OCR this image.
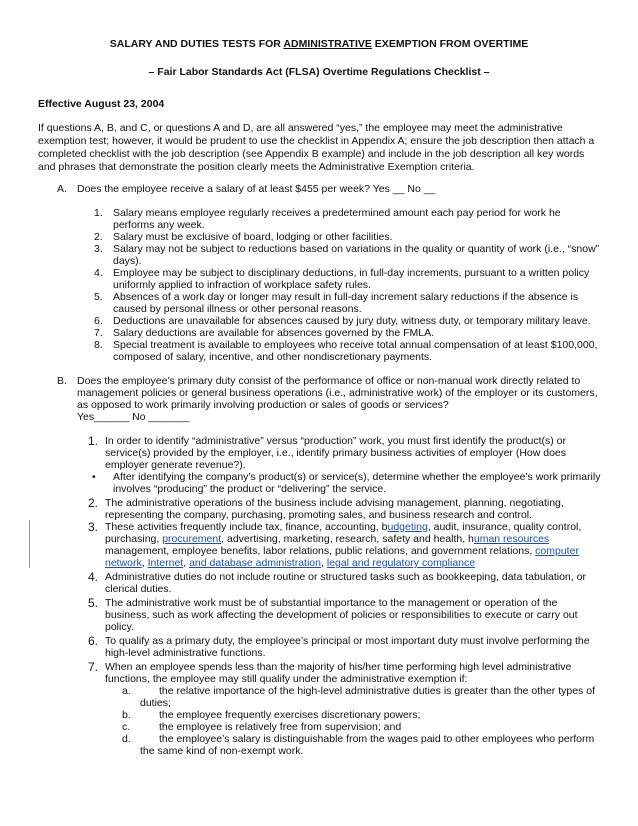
SALARY AND DUTIES TESTS FOR ADMINISTRATIVE EXEMPTION FROM OVERTIME
– Fair Labor Standards Act (FLSA) Overtime Regulations Checklist –
Effective August 23, 2004
If questions A, B, and C, or questions A and D, are all answered “yes,” the employee may meet the administrative
exemption test; however, it would be prudent to use the checklist in Appendix A; ensure the job description then attach a
completed checklist with the job description (see Appendix B example) and include in the job description all key words
and phrases that demonstrate the position clearly meets the Administrative Exemption criteria.
A. Does the employee receive a salary of at least $455 per week? Yes __ No __
1. Salary means employee regularly receives a predetermined amount each pay period for work he
performs any week.
2. Salary must be exclusive of board, lodging or other facilities.
3. Salary may not be subject to reductions based on variations in the quality or quantity of work (i.e., “snow”
days).
4. Employee may be subject to disciplinary deductions, in full-day increments, pursuant to a written policy
uniformly applied to infraction of workplace safety rules.
5. Absences of a work day or longer may result in full-day increment salary reductions if the absence is
caused by personal illness or other personal reasons.
6. Deductions are unavailable for absences caused by jury duty, witness duty, or temporary military leave.
7. Salary deductions are available for absences governed by the FMLA.
8. Special treatment is available to employees who receive total annual compensation of at least $100,000,
composed of salary, incentive, and other nondiscretionary payments.
B. Does the employee’s primary duty consist of the performance of office or non-manual work directly related to
management policies or general business operations (i.e., administrative work) of the employer or its customers,
as opposed to work primarily involving production or sales of goods or services?
Yes______ No _______
1. In order to identify “administrative” versus “production” work, you must first identify the product(s) or
service(s) provided by the employer, i.e., identify primary business activities of employer (How does
employer generate revenue?).
• After identifying the company’s product(s) or service(s), determine whether the employee’s work primarily
involves “producing” the product or “delivering” the service.
2. The administrative operations of the business include advising management, planning, negotiating,
representing the company, purchasing, promoting sales, and business research and control.
3. These activities frequently include tax, finance, accounting, budgeting, audit, insurance, quality control,
purchasing, procurement, advertising, marketing, research, safety and health, human resources
management, employee benefits, labor relations, public relations, and government relations, computer
network, Internet, and database administration, legal and regulatory compliance
4. Administrative duties do not include routine or structured tasks such as bookkeeping, data tabulation, or
clerical duties.
5. The administrative work must be of substantial importance to the management or operation of the
business, such as work affecting the development of policies or responsibilities to execute or carry out
policy.
6. To qualify as a primary duty, the employee’s principal or most important duty must involve performing the
high-level administrative functions.
7. When an employee spends less than the majority of his/her time performing high level administrative
functions, the employee may still qualify under the administrative exemption if:
a.	the relative importance of the high-level administrative duties is greater than the other types of
duties;
b.	the employee frequently exercises discretionary powers;
c.	the employee is relatively free from supervision; and
d.	the employee’s salary is distinguishable from the wages paid to other employees who perform
the same kind of non-exempt work.
